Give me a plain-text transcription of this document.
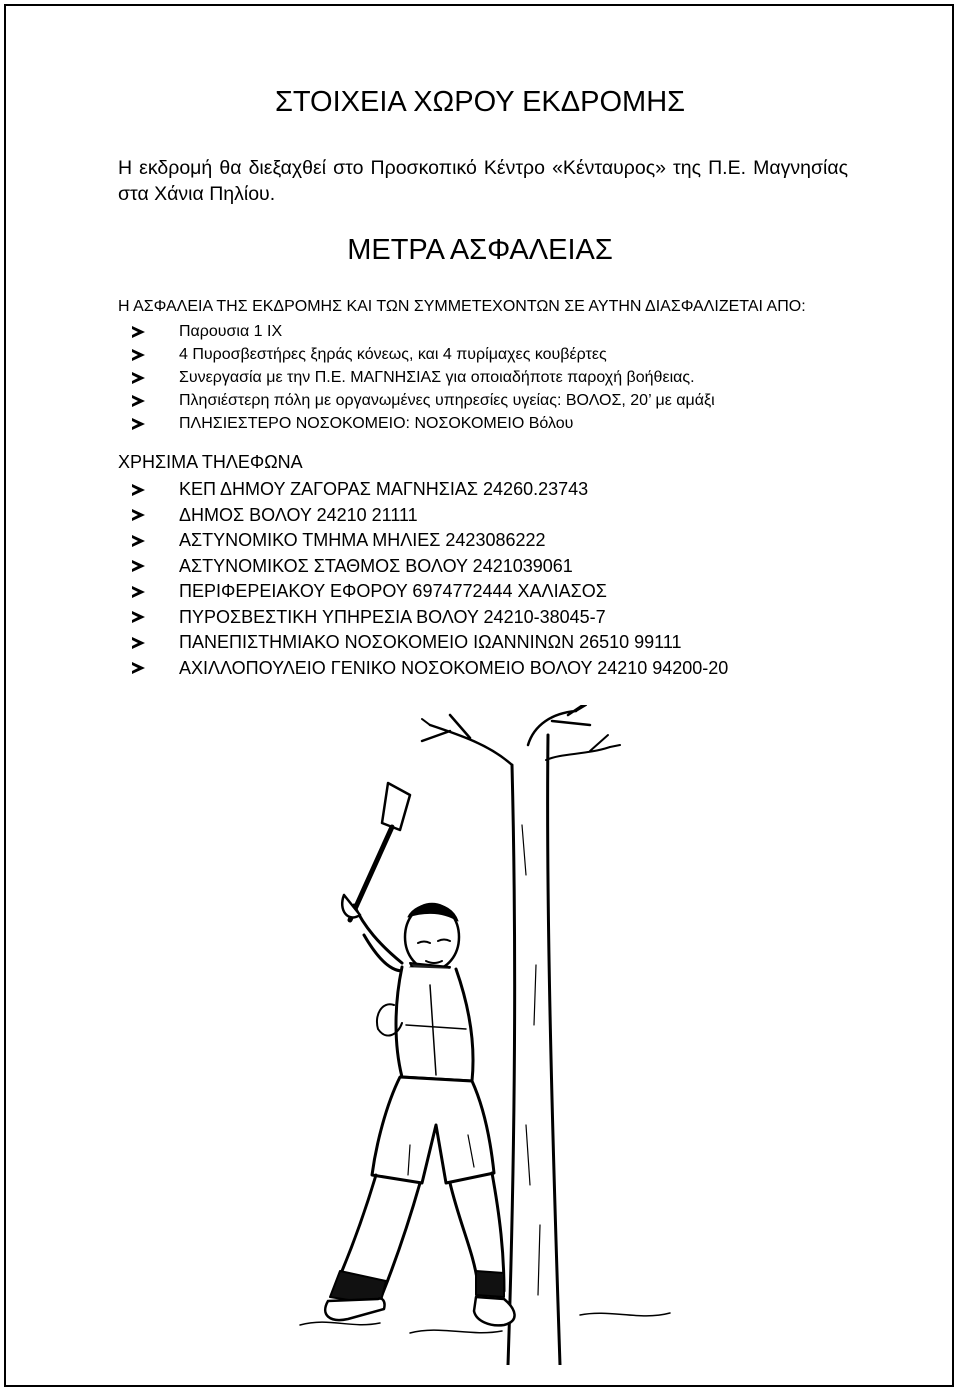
ΣΤΟΙΧΕΙΑ ΧΩΡΟΥ ΕΚΔΡΟΜΗΣ
Η εκδρομή θα διεξαχθεί στο Προσκοπικό Κέντρο «Κένταυρος» της Π.Ε. Μαγνησίας στα Χάνια Πηλίου.
ΜΕΤΡΑ ΑΣΦΑΛΕΙΑΣ
Η ΑΣΦΑΛΕΙΑ ΤΗΣ ΕΚΔΡΟΜΗΣ ΚΑΙ ΤΩΝ ΣΥΜΜΕΤΕΧΟΝΤΩΝ ΣΕ ΑΥΤΗΝ ΔΙΑΣΦΑΛΙΖΕΤΑΙ ΑΠΟ:
Παρουσια 1 ΙΧ
4 Πυροσβεστήρες ξηράς κόνεως, και 4 πυρίμαχες κουβέρτες
Συνεργασία με την Π.Ε. ΜΑΓΝΗΣΙΑΣ για οποιαδήποτε παροχή βοήθειας.
Πλησιέστερη πόλη με οργανωμένες υπηρεσίες υγείας: ΒΟΛΟΣ, 20’ με αμάξι
ΠΛΗΣΙΕΣΤΕΡΟ ΝΟΣΟΚΟΜΕΙΟ: ΝΟΣΟΚΟΜΕΙΟ Βόλου
ΧΡΗΣΙΜΑ ΤΗΛΕΦΩΝΑ
ΚΕΠ ΔΗΜΟΥ ΖΑΓΟΡΑΣ ΜΑΓΝΗΣΙΑΣ 24260.23743
ΔΗΜΟΣ ΒΟΛΟΥ 24210 21111
ΑΣΤΥΝΟΜΙΚΟ ΤΜΗΜΑ ΜΗΛΙΕΣ 2423086222
ΑΣΤΥΝΟΜΙΚΟΣ ΣΤΑΘΜΟΣ ΒΟΛΟΥ 2421039061
ΠΕΡΙΦΕΡΕΙΑΚΟΥ ΕΦΟΡΟΥ 6974772444 ΧΑΛΙΑΣΟΣ
ΠΥΡΟΣΒΕΣΤΙΚΗ ΥΠΗΡΕΣΙΑ ΒΟΛΟΥ 24210-38045-7
ΠΑΝΕΠΙΣΤΗΜΙΑΚΟ ΝΟΣΟΚΟΜΕΙΟ ΙΩΑΝΝΙΝΩΝ 26510 99111
ΑΧΙΛΛΟΠΟΥΛΕΙΟ ΓΕΝΙΚΟ ΝΟΣΟΚΟΜΕΙΟ ΒΟΛΟΥ 24210 94200-20
